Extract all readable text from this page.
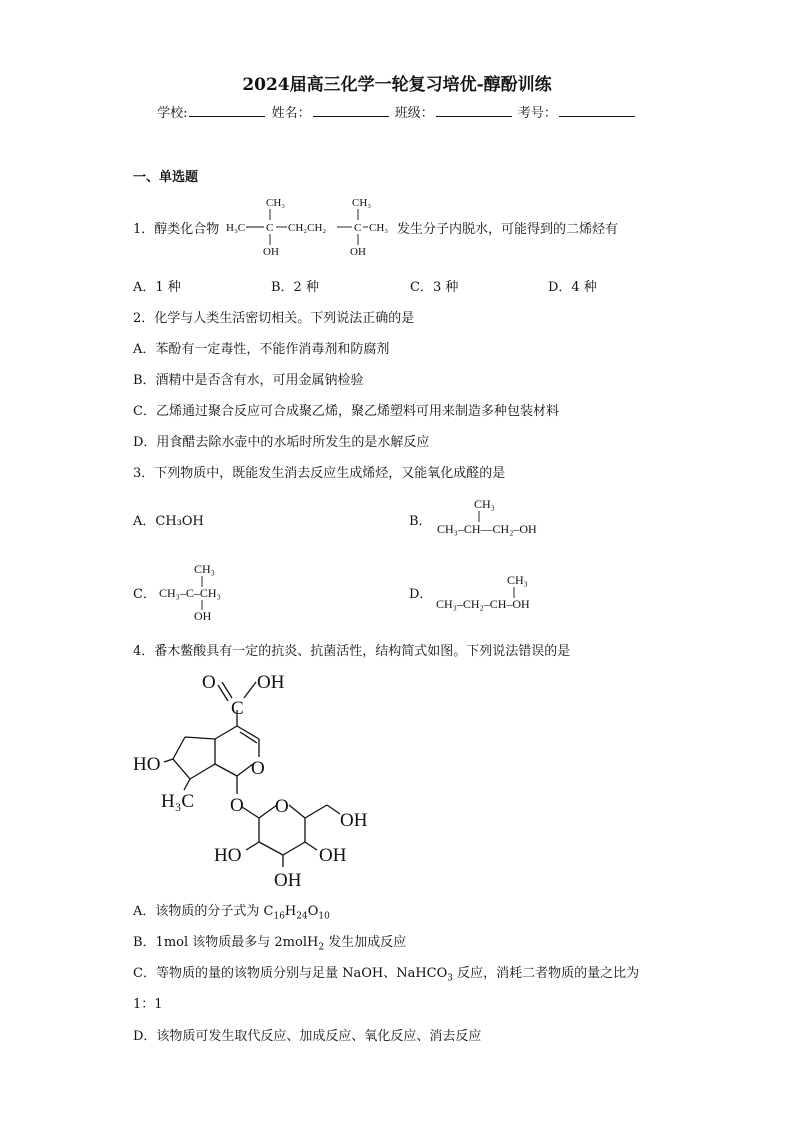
2024届高三化学一轮复习培优-醇酚训练
学校:	姓名：	班级：	考号：
一、单选题
1．醇类化合物
CH₃
H₃C C CH₂CH₂	C CH₃
CH₃
OH	OH
发生分子内脱水，可能得到的二烯烃有
A．1 种	B．2 种	C．3 种	D．4 种
2．化学与人类生活密切相关。下列说法正确的是
A．苯酚有一定毒性，不能作消毒剂和防腐剂
B．酒精中是否含有水，可用金属钠检验
C．乙烯通过聚合反应可合成聚乙烯，聚乙烯塑料可用来制造多种包装材料
D．用食醋去除水壶中的水垢时所发生的是水解反应
3．下列物质中，既能发生消去反应生成烯烃，又能氧化成醛的是
A．CH₃OH	B．
CH₃
CH₃–CH—CH₂–OH
C．
CH₃
CH₃–C–CH₃
OH
D．
CH₃
CH₃–CH₂–CH–OH
4．番木鳖酸具有一定的抗炎、抗菌活性，结构简式如图。下列说法错误的是
O OH
C
HO	O
H₃C O O
OH
HO	OH
OH
A．该物质的分子式为 $C_{16}H_{24}O_{10}$
B．1mol 该物质最多与 2molH$_2$ 发生加成反应
C．等物质的量的该物质分别与足量 NaOH、NaHCO$_3$ 反应，消耗二者物质的量之比为
1：1
D．该物质可发生取代反应、加成反应、氧化反应、消去反应
